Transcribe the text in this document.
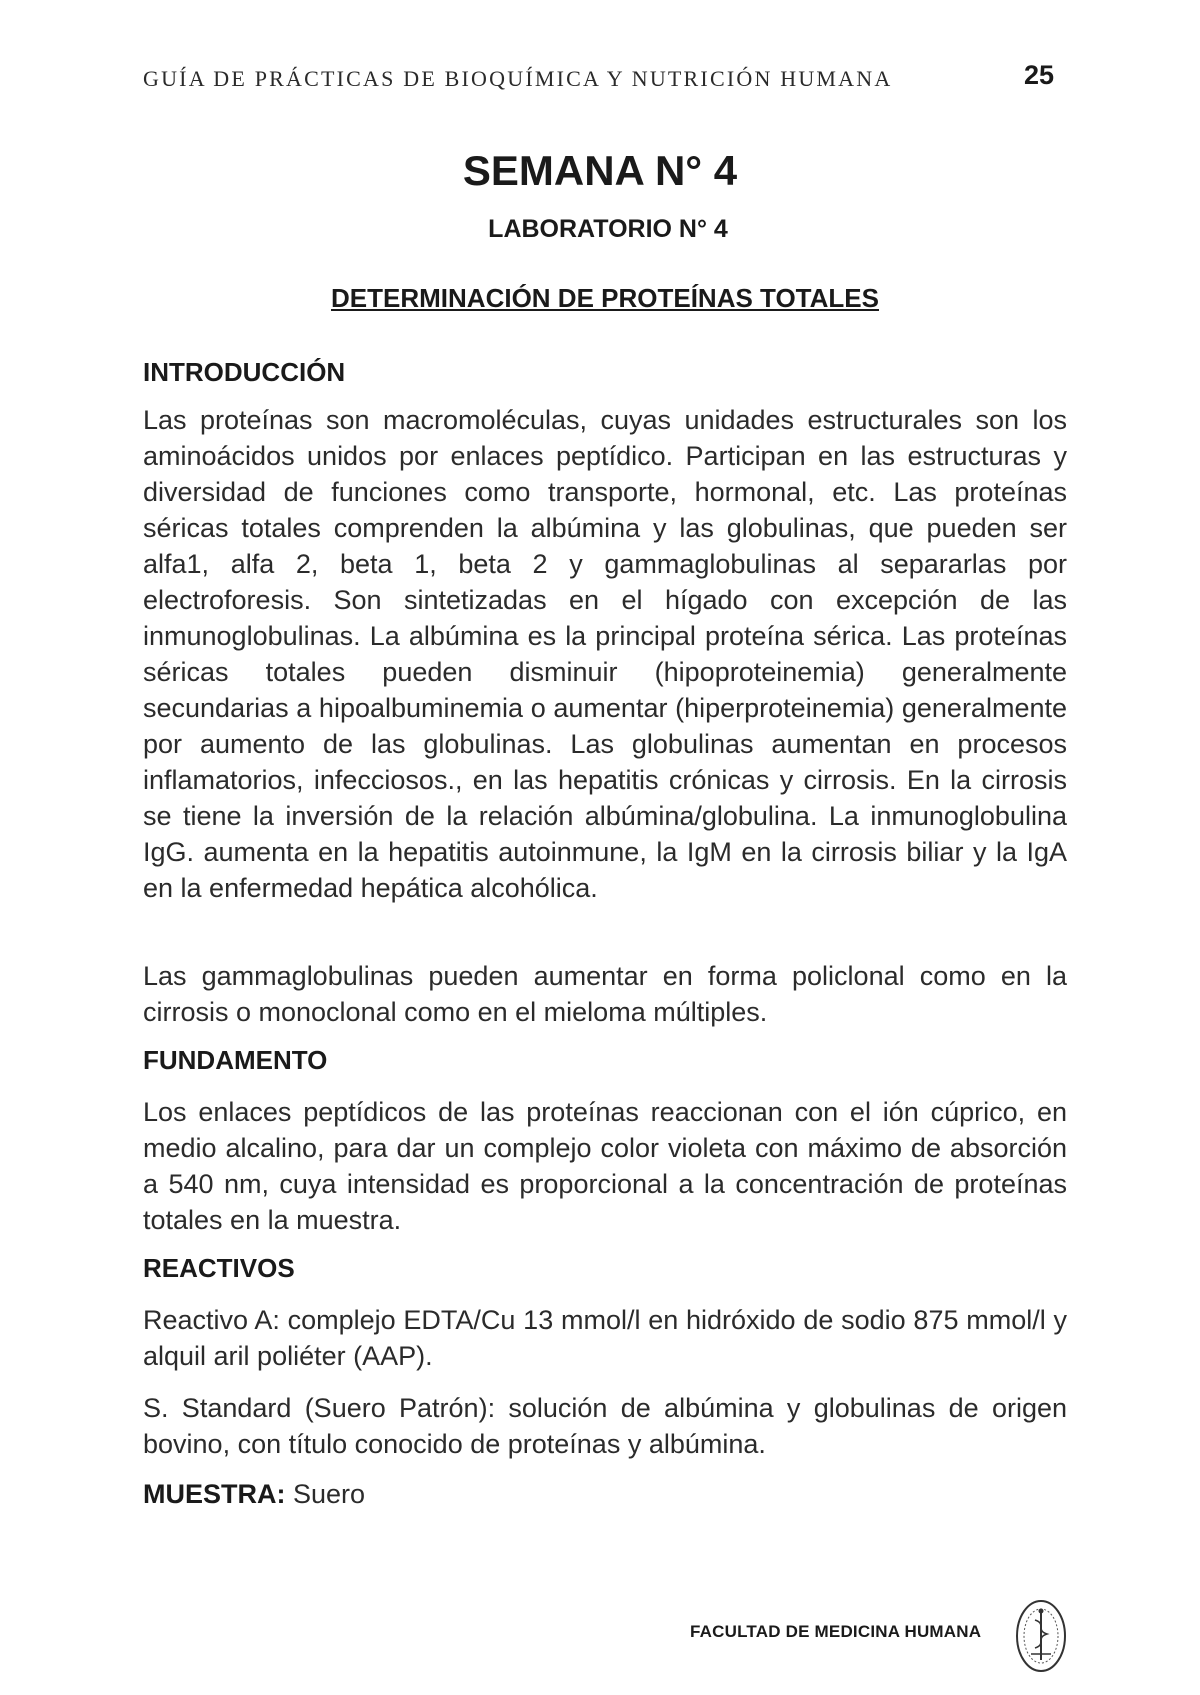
GUÍA DE PRÁCTICAS DE BIOQUÍMICA Y NUTRICIÓN HUMANA	25
SEMANA N° 4
LABORATORIO N° 4
DETERMINACIÓN DE PROTEÍNAS TOTALES
INTRODUCCIÓN

Las proteínas son macromoléculas, cuyas unidades estructurales son los aminoácidos unidos por enlaces peptídico. Participan en las estructuras y diversidad de funciones como transporte, hormonal, etc. Las proteínas séricas totales comprenden la albúmina y las globulinas, que pueden ser alfa1, alfa 2, beta 1, beta 2 y gammaglobulinas al separarlas por electroforesis. Son sintetizadas en el hígado con excepción de las inmunoglobulinas. La albúmina es la principal proteína sérica. Las proteínas séricas totales pueden disminuir (hipoproteinemia) generalmente secundarias a hipoalbuminemia o aumentar (hiperproteinemia) generalmente por aumento de las globulinas. Las globulinas aumentan en procesos inflamatorios, infecciosos., en las hepatitis crónicas y cirrosis. En la cirrosis se tiene la inversión de la relación albúmina/globulina. La inmunoglobulina IgG. aumenta en la hepatitis autoinmune, la IgM en la cirrosis biliar y la IgA en la enfermedad hepática alcohólica.

Las gammaglobulinas pueden aumentar en forma policlonal como en la cirrosis o monoclonal como en el mieloma múltiples.

FUNDAMENTO

Los enlaces peptídicos de las proteínas reaccionan con el ión cúprico, en medio alcalino, para dar un complejo color violeta con máximo de absorción a 540 nm, cuya intensidad es proporcional a la concentración de proteínas totales en la muestra.

REACTIVOS

Reactivo A: complejo EDTA/Cu 13 mmol/l en hidróxido de sodio 875 mmol/l y alquil aril poliéter (AAP).

S. Standard (Suero Patrón): solución de albúmina y globulinas de origen bovino, con título conocido de proteínas y albúmina.

MUESTRA: Suero
FACULTAD DE MEDICINA HUMANA
